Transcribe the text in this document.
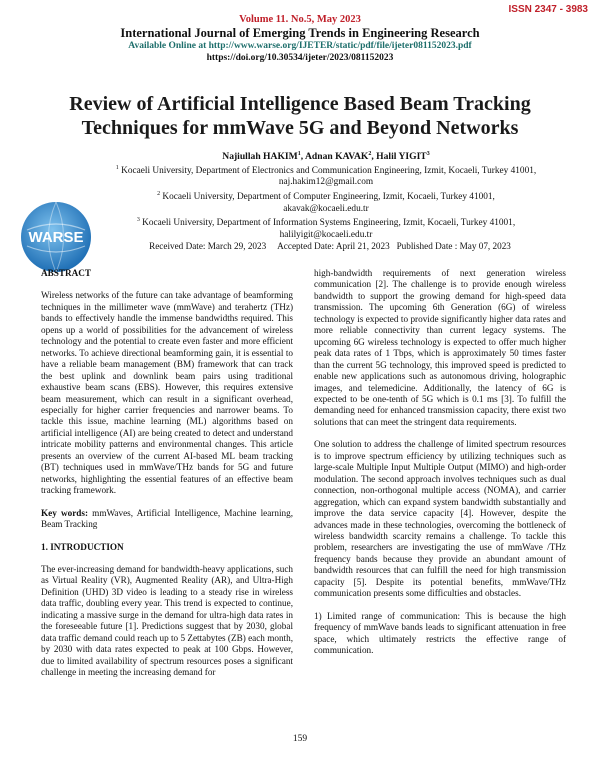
ISSN 2347 - 3983
Volume 11. No.5, May 2023
International Journal of Emerging Trends in Engineering Research
Available Online at http://www.warse.org/IJETER/static/pdf/file/ijeter081152023.pdf
https://doi.org/10.30534/ijeter/2023/081152023
Review of Artificial Intelligence Based Beam Tracking
Techniques for mmWave 5G and Beyond Networks
Najiullah HAKIM$^1$, Adnan KAVAK$^2$, Halil YIGIT$^3$
$^1$ Kocaeli University, Department of Electronics and Communication Engineering, Izmit, Kocaeli, Turkey 41001,
naj.hakim12@gmail.com
$^2$ Kocaeli University, Department of Computer Engineering, Izmit, Kocaeli, Turkey 41001,
akavak@kocaeli.edu.tr
$^3$ Kocaeli University, Department of Information Systems Engineering, Izmit, Kocaeli, Turkey 41001,
halilyigit@kocaeli.edu.tr
WARSE	Received Date: March 29, 2023     Accepted Date: April 21, 2023   Published Date : May 07, 2023
ABSTRACT

Wireless networks of the future can take advantage of beamforming techniques in the millimeter wave (mmWave) and terahertz (THz) bands to effectively handle the immense bandwidths required. This opens up a world of possibilities for the advancement of wireless technology and the potential to create even faster and more efficient networks. To achieve directional beamforming gain, it is essential to have a reliable beam management (BM) framework that can track the best uplink and downlink beam pairs using traditional exhaustive beam scans (EBS). However, this requires extensive beam measurement, which can result in a significant overhead, especially for higher carrier frequencies and narrower beams. To tackle this issue, machine learning (ML) algorithms based on artificial intelligence (AI) are being created to detect and understand intricate mobility patterns and environmental changes. This article presents an overview of the current AI-based ML beam tracking (BT) techniques used in mmWave/THz bands for 5G and future networks, highlighting the essential features of an effective beam tracking framework.

Key words: mmWaves, Artificial Intelligence, Machine learning, Beam Tracking

1. INTRODUCTION

The ever-increasing demand for bandwidth-heavy applications, such as Virtual Reality (VR), Augmented Reality (AR), and Ultra-High Definition (UHD) 3D video is leading to a steady rise in wireless data traffic, doubling every year. This trend is expected to continue, indicating a massive surge in the demand for ultra-high data rates in the foreseeable future [1]. Predictions suggest that by 2030, global data traffic demand could reach up to 5 Zettabytes (ZB) each month, by 2030 with data rates expected to peak at 100 Gbps. However, due to limited availability of spectrum resources poses a significant challenge in meeting the increasing demand for

high-bandwidth requirements of next generation wireless communication [2]. The challenge is to provide enough wireless bandwidth to support the growing demand for high-speed data transmission. The upcoming 6th Generation (6G) of wireless technology is expected to provide significantly higher data rates and more reliable connectivity than current legacy systems. The upcoming 6G wireless technology is expected to offer much higher peak data rates of 1 Tbps, which is approximately 50 times faster than the current 5G technology, this improved speed is predicted to enable new applications such as autonomous driving, holographic images, and telemedicine. Additionally, the latency of 6G is expected to be one-tenth of 5G which is 0.1 ms [3]. To fulfill the demanding need for enhanced transmission capacity, there exist two solutions that can meet the stringent data requirements.

One solution to address the challenge of limited spectrum resources is to improve spectrum efficiency by utilizing techniques such as large-scale Multiple Input Multiple Output (MIMO) and high-order modulation. The second approach involves techniques such as dual connection, non-orthogonal multiple access (NOMA), and carrier aggregation, which can expand system bandwidth substantially and improve the data service capacity [4]. However, despite the advances made in these technologies, overcoming the bottleneck of wireless bandwidth scarcity remains a challenge. To tackle this problem, researchers are investigating the use of mmWave /THz frequency bands because they provide an abundant amount of bandwidth resources that can fulfill the need for high transmission capacity [5]. Despite its potential benefits, mmWave/THz communication presents some difficulties and obstacles.

1) Limited range of communication: This is because the high frequency of mmWave bands leads to significant attenuation in free space, which ultimately restricts the effective range of communication.

159
